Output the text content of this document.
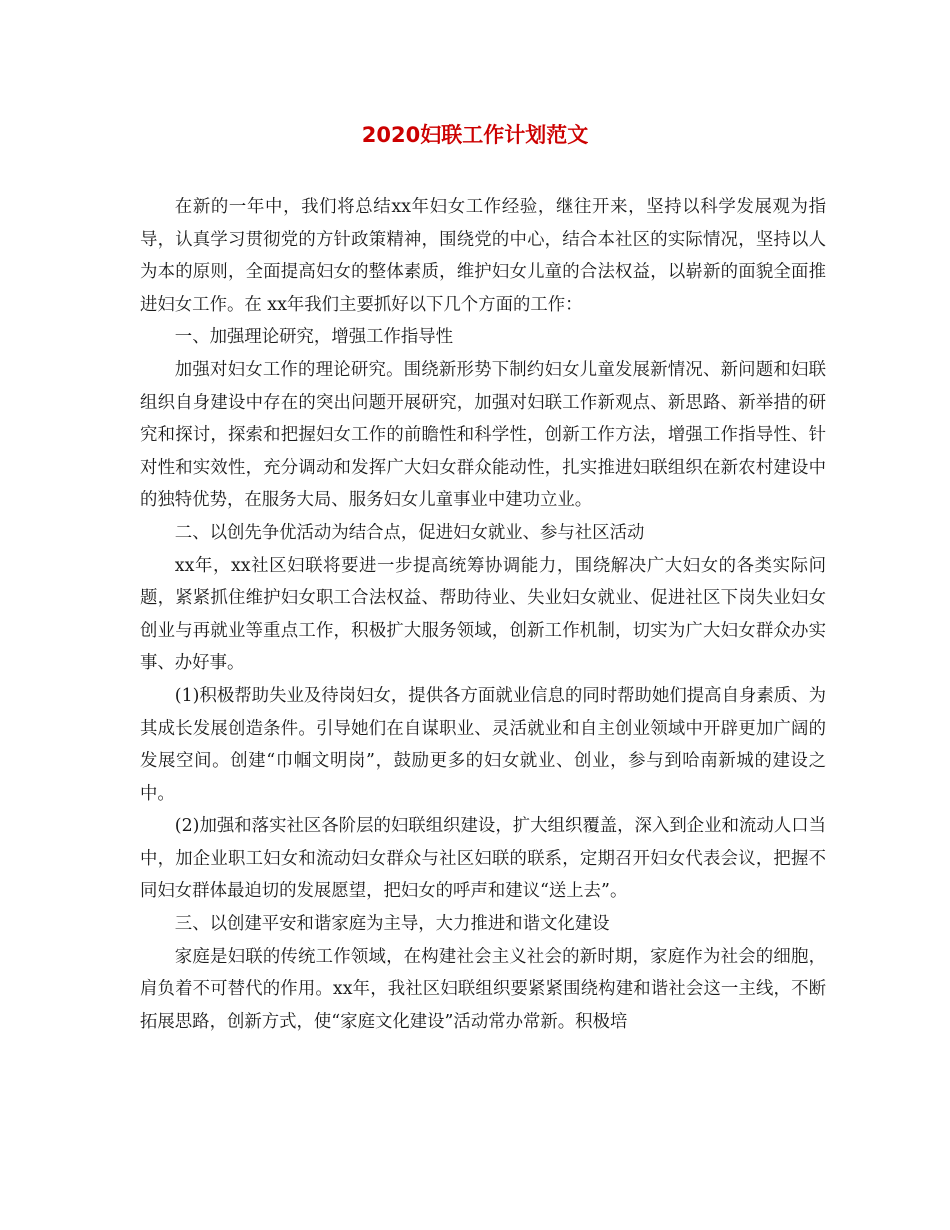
2020妇联工作计划范文

在新的一年中，我们将总结xx年妇女工作经验，继往开来，坚持以科学发展观为指导，认真学习贯彻党的方针政策精神，围绕党的中心，结合本社区的实际情况，坚持以人为本的原则，全面提高妇女的整体素质，维护妇女儿童的合法权益，以崭新的面貌全面推进妇女工作。在 xx年我们主要抓好以下几个方面的工作：

一、加强理论研究，增强工作指导性

加强对妇女工作的理论研究。围绕新形势下制约妇女儿童发展新情况、新问题和妇联组织自身建设中存在的突出问题开展研究，加强对妇联工作新观点、新思路、新举措的研究和探讨，探索和把握妇女工作的前瞻性和科学性，创新工作方法，增强工作指导性、针对性和实效性，充分调动和发挥广大妇女群众能动性，扎实推进妇联组织在新农村建设中的独特优势，在服务大局、服务妇女儿童事业中建功立业。

二、以创先争优活动为结合点，促进妇女就业、参与社区活动

xx年，xx社区妇联将要进一步提高统筹协调能力，围绕解决广大妇女的各类实际问题，紧紧抓住维护妇女职工合法权益、帮助待业、失业妇女就业、促进社区下岗失业妇女创业与再就业等重点工作，积极扩大服务领域，创新工作机制，切实为广大妇女群众办实事、办好事。

(1)积极帮助失业及待岗妇女，提供各方面就业信息的同时帮助她们提高自身素质、为其成长发展创造条件。引导她们在自谋职业、灵活就业和自主创业领域中开辟更加广阔的发展空间。创建“巾帼文明岗”，鼓励更多的妇女就业、创业，参与到哈南新城的建设之中。

(2)加强和落实社区各阶层的妇联组织建设，扩大组织覆盖，深入到企业和流动人口当中，加企业职工妇女和流动妇女群众与社区妇联的联系，定期召开妇女代表会议，把握不同妇女群体最迫切的发展愿望，把妇女的呼声和建议“送上去”。

三、以创建平安和谐家庭为主导，大力推进和谐文化建设

家庭是妇联的传统工作领域，在构建社会主义社会的新时期，家庭作为社会的细胞，肩负着不可替代的作用。xx年，我社区妇联组织要紧紧围绕构建和谐社会这一主线，不断拓展思路，创新方式，使“家庭文化建设”活动常办常新。积极培
